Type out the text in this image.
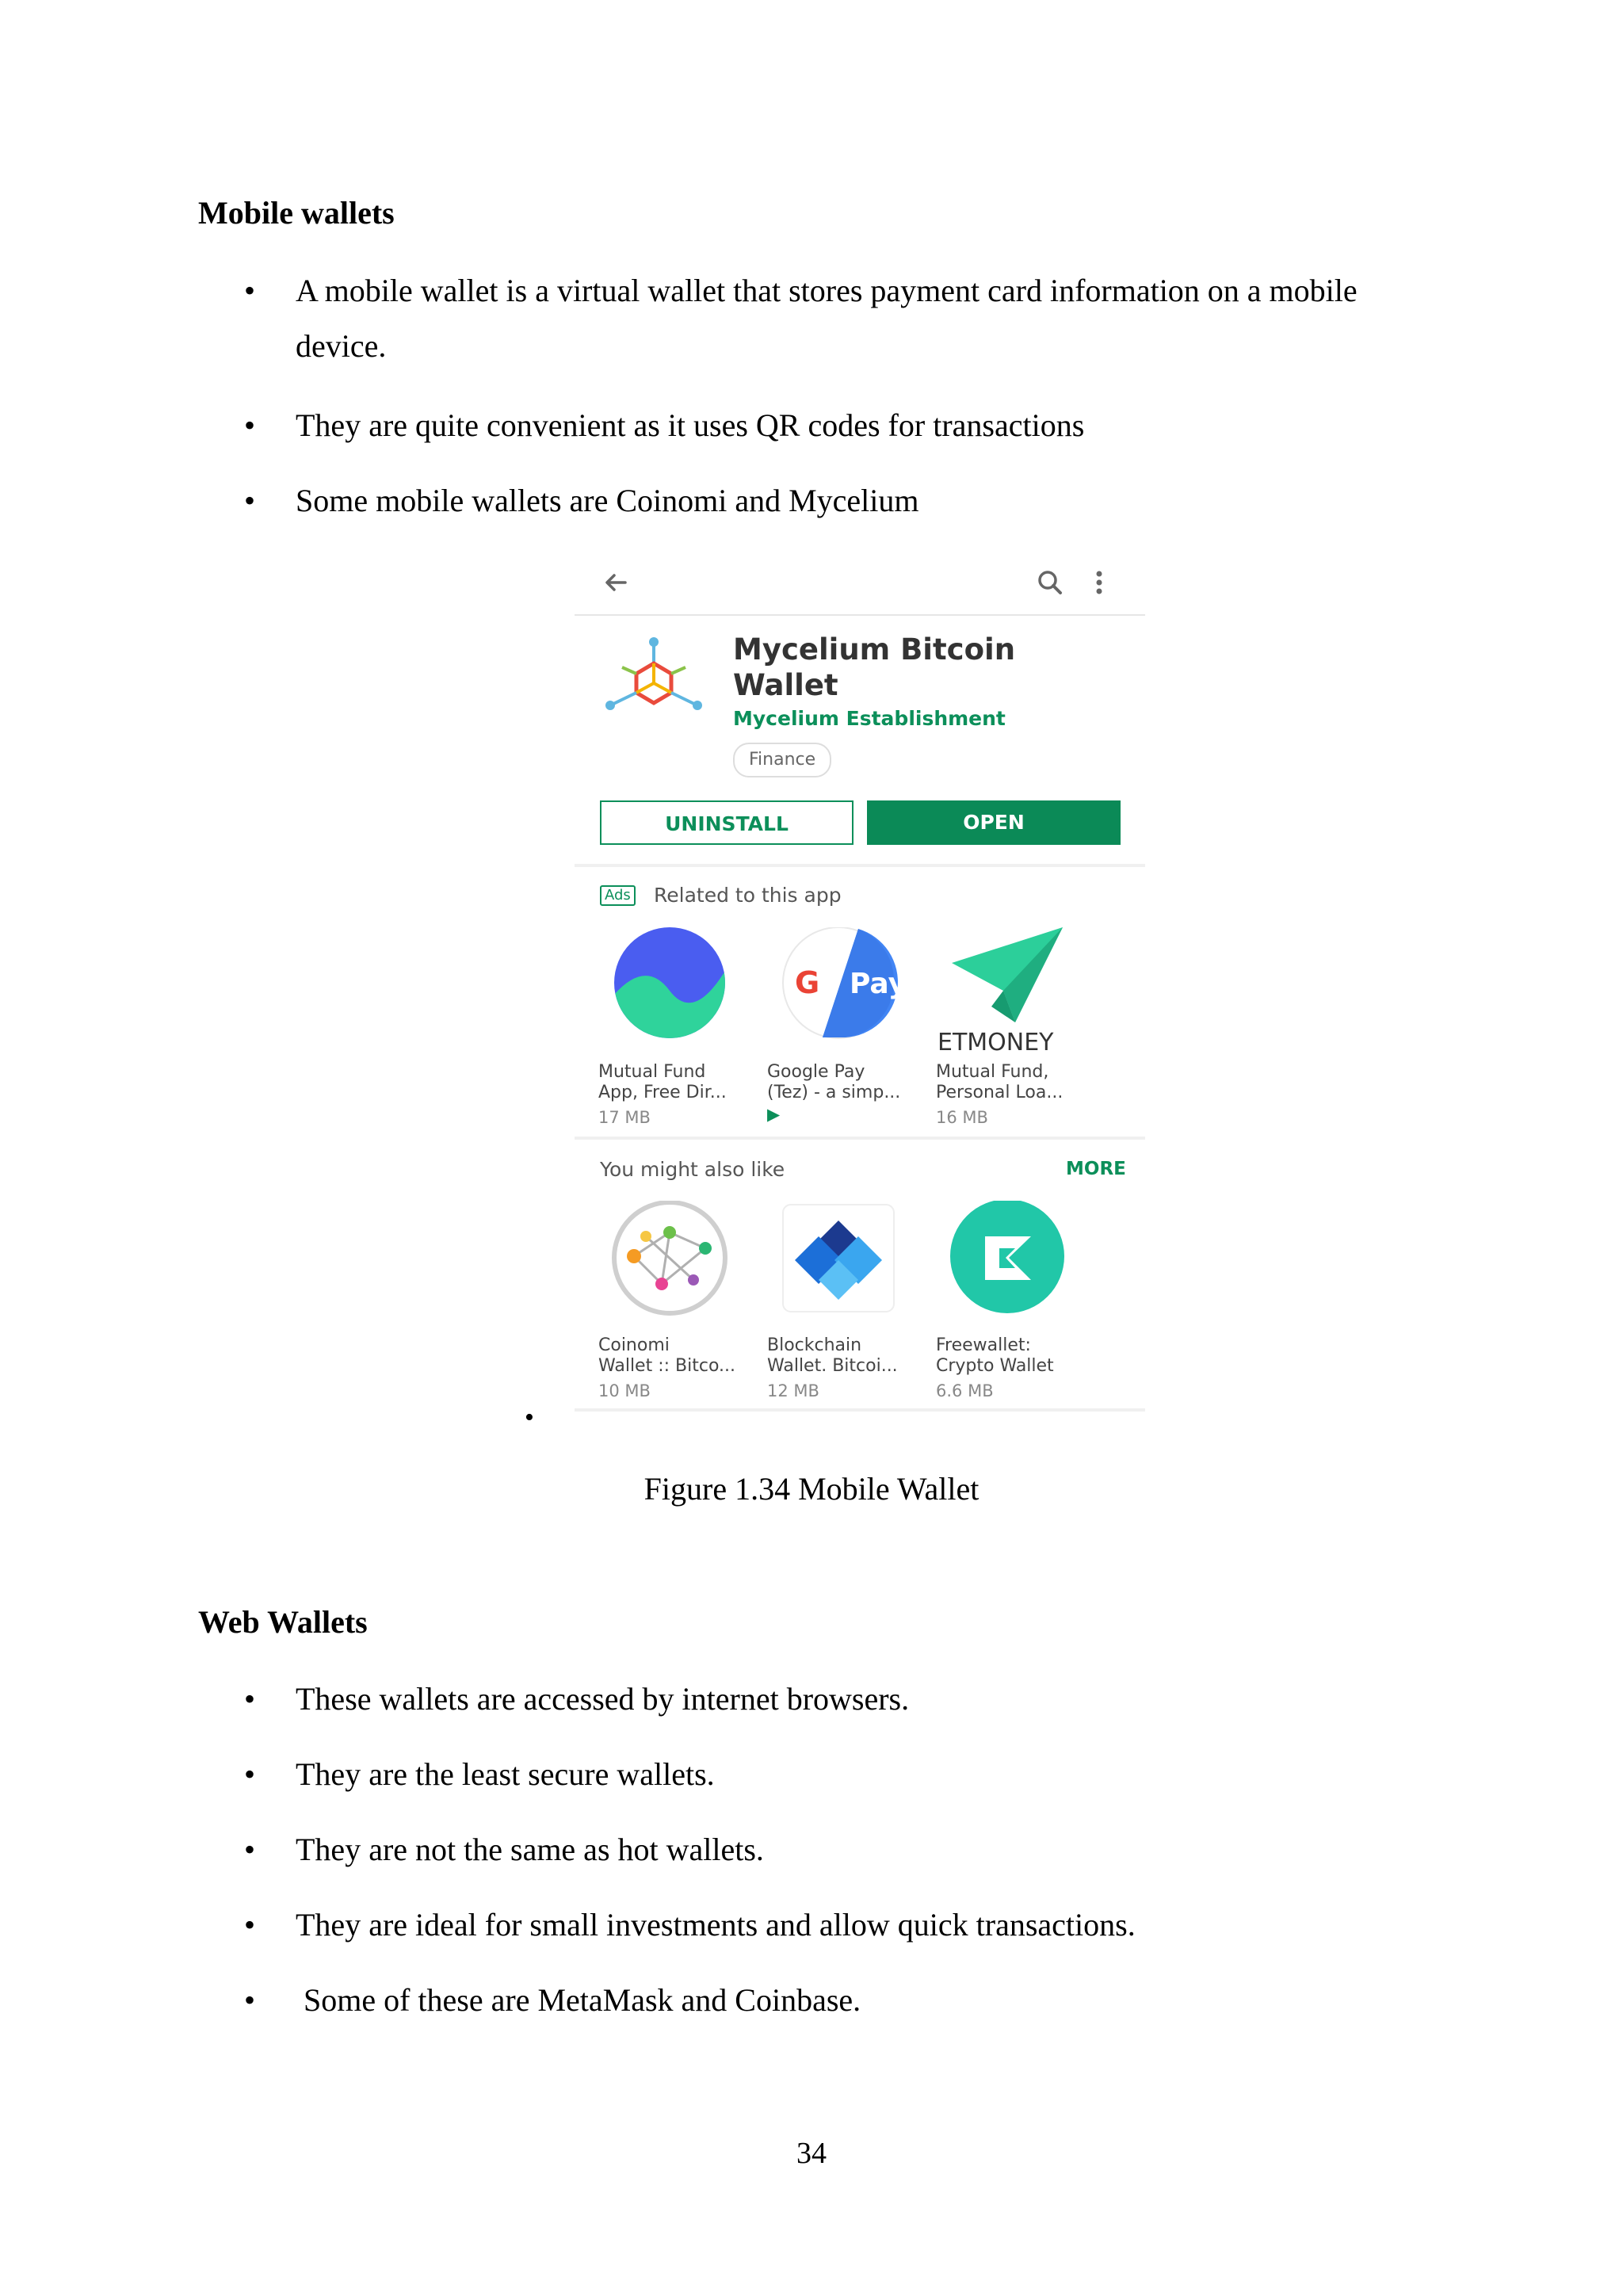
Mobile wallets
• A mobile wallet is a virtual wallet that stores payment card information on a mobile device.
• They are quite convenient as it uses QR codes for transactions
• Some mobile wallets are Coinomi and Mycelium
Mycelium Bitcoin Wallet
Mycelium Establishment
Finance
UNINSTALL	OPEN
Ads Related to this app
Mutual Fund
App, Free Dir...
17 MB
G Pay
Google Pay
(Tez) - a simp...
▶
ETMONEY
Mutual Fund,
Personal Loa...
16 MB
You might also like	MORE
Coinomi
Wallet :: Bitco...
10 MB
Blockchain
Wallet. Bitcoi...
12 MB
Freewallet:
Crypto Wallet
6.6 MB
•
Figure 1.34 Mobile Wallet
Web Wallets
• These wallets are accessed by internet browsers.
• They are the least secure wallets.
• They are not the same as hot wallets.
• They are ideal for small investments and allow quick transactions.
• Some of these are MetaMask and Coinbase.
34
